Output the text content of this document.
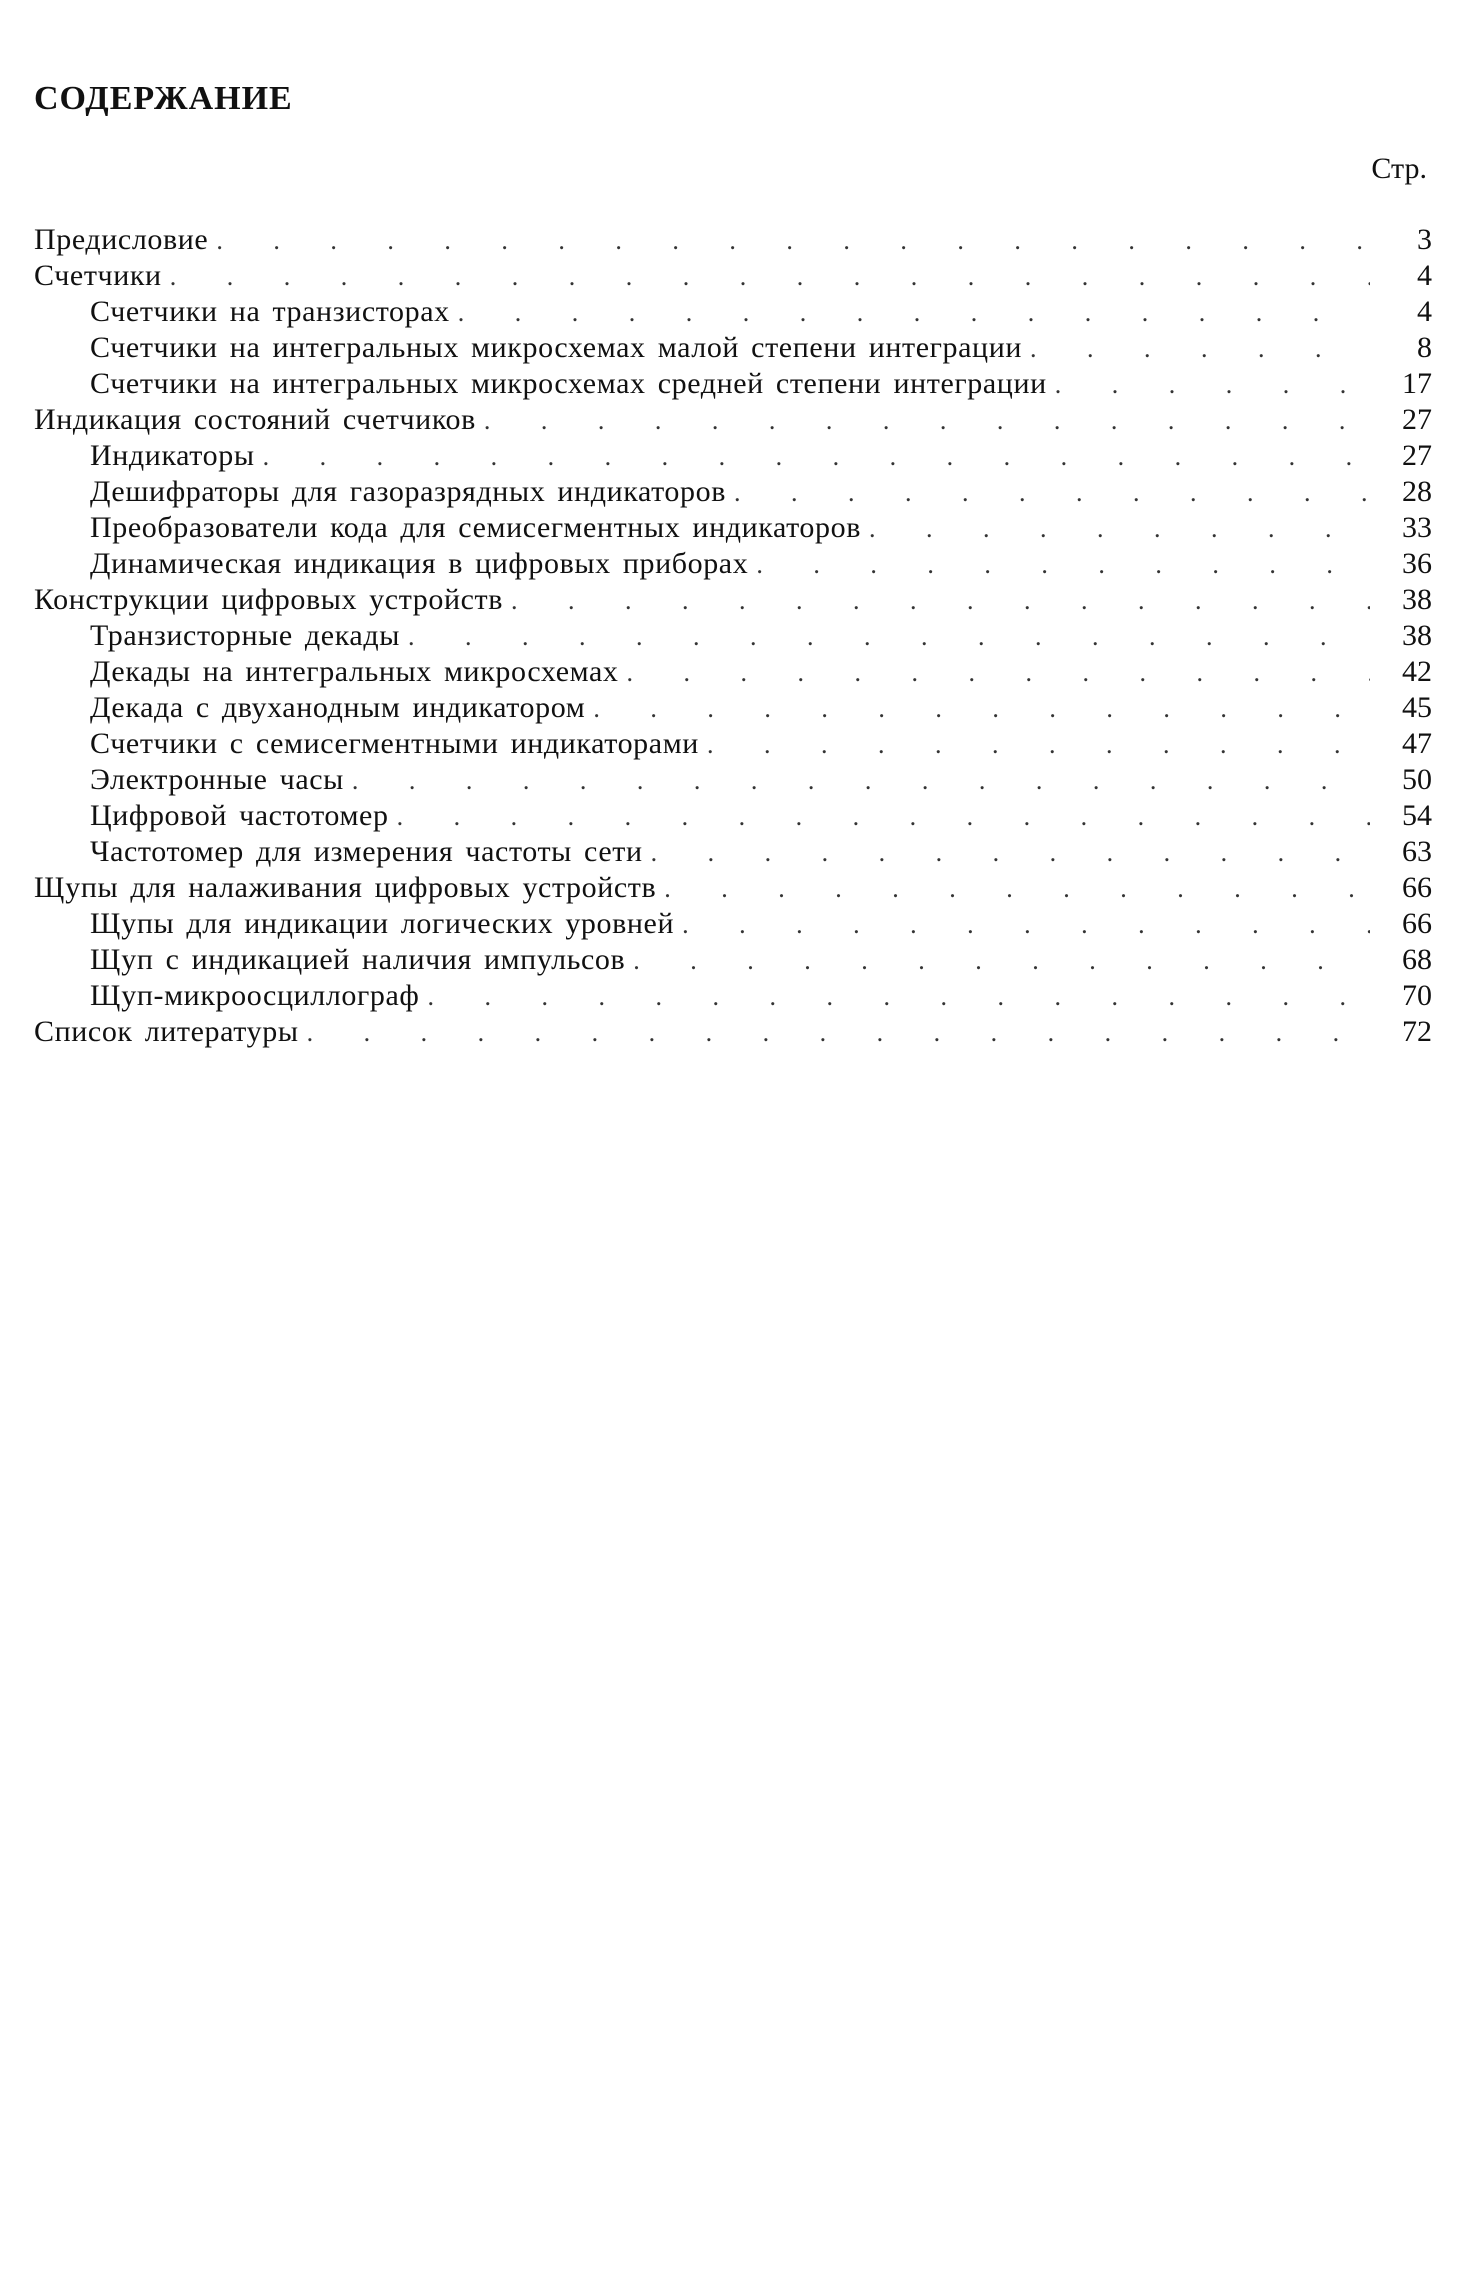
СОДЕРЖАНИЕ
Стр.
Предисловие . . .	3
Счетчики . . .	4
Счетчики на транзисторах . . .	4
Счетчики на интегральных микросхемах малой степени интеграции . . .	8
Счетчики на интегральных микросхемах средней степени интеграции . . .	17
Индикация состояний счетчиков . . .	27
Индикаторы . . .	27
Дешифраторы для газоразрядных индикаторов . . .	28
Преобразователи кода для семисегментных индикаторов . . .	33
Динамическая индикация в цифровых приборах . . .	36
Конструкции цифровых устройств . . .	38
Транзисторные декады . . .	38
Декады на интегральных микросхемах . . .	42
Декада с двуханодным индикатором . . .	45
Счетчики с семисегментными индикаторами . . .	47
Электронные часы . . .	50
Цифровой частотомер . . .	54
Частотомер для измерения частоты сети . . .	63
Щупы для налаживания цифровых устройств . . .	66
Щупы для индикации логических уровней . . .	66
Щуп с индикацией наличия импульсов . . .	68
Щуп-микроосциллограф . . .	70
Список литературы . . .	72
